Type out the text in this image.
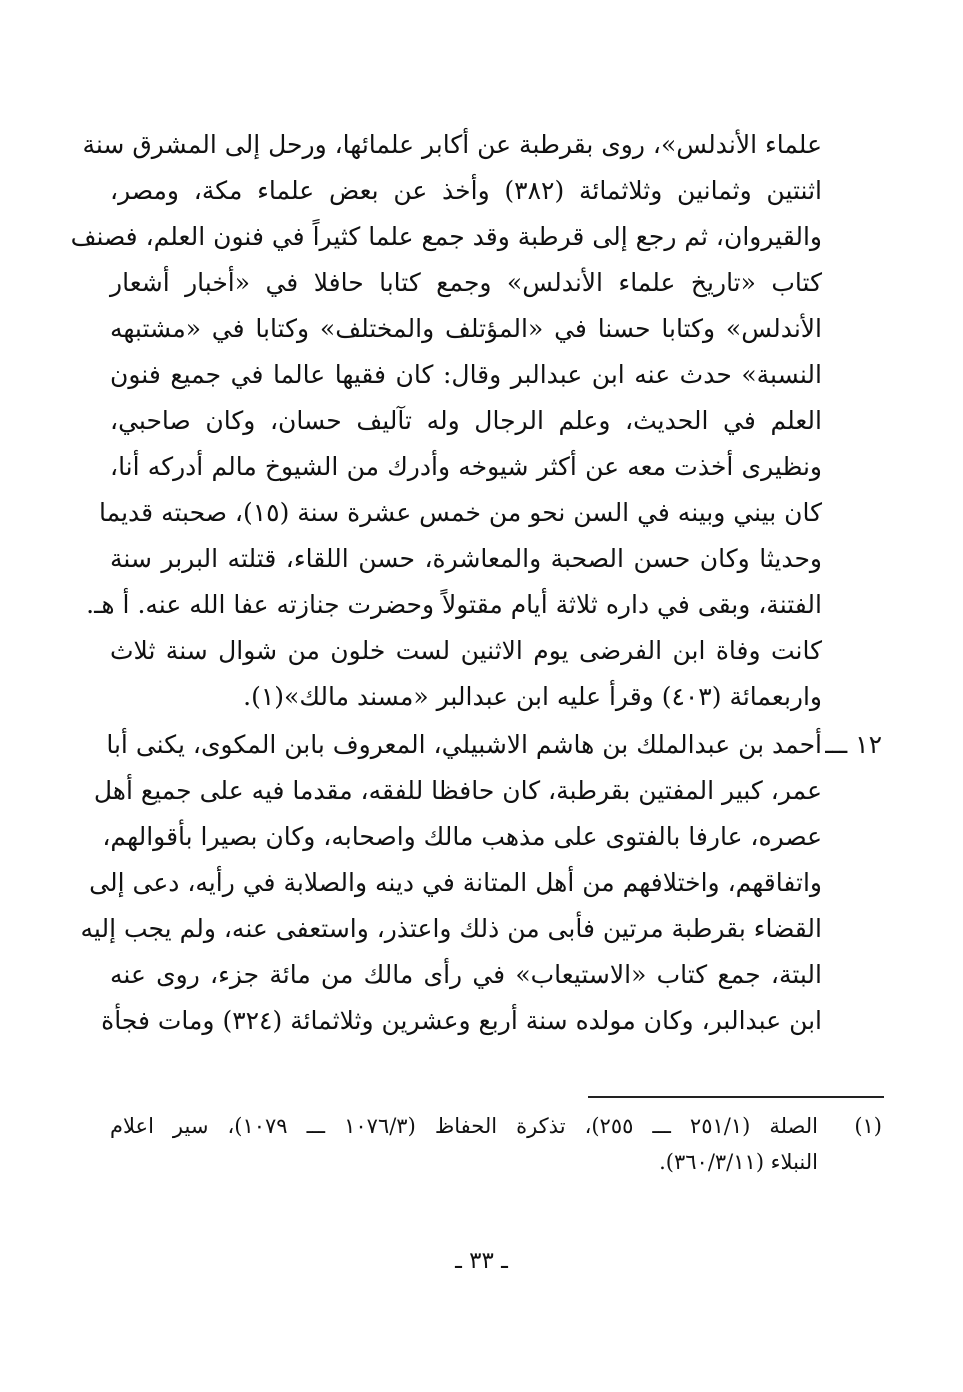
علماء الأندلس»، روى بقرطبة عن أكابر علمائها، ورحل إلى المشرق سنة
اثنتين وثمانين وثلاثمائة (٣٨٢) وأخذ عن بعض علماء مكة، ومصر،
والقيروان، ثم رجع إلى قرطبة وقد جمع علما كثيراً في فنون العلم، فصنف
كتاب «تاريخ علماء الأندلس» وجمع كتابا حافلا في «أخبار أشعار
الأندلس» وكتابا حسنا في «المؤتلف والمختلف» وكتابا في «مشتبهه
النسبة» حدث عنه ابن عبدالبر وقال: كان فقيها عالما في جميع فنون
العلم في الحديث، وعلم الرجال وله تآليف حسان، وكان صاحبي،
ونظيرى أخذت معه عن أكثر شيوخه وأدرك من الشيوخ مالم أدركه أنا،
كان بيني وبينه في السن نحو من خمس عشرة سنة (١٥)، صحبته قديما
وحديثا وكان حسن الصحبة والمعاشرة، حسن اللقاء، قتلته البربر سنة
الفتنة، وبقى في داره ثلاثة أيام مقتولاً وحضرت جنازته عفا الله عنه. أ هـ.
كانت وفاة ابن الفرضى يوم الاثنين لست خلون من شوال سنة ثلاث
واربعمائة (٤٠٣) وقرأ عليه ابن عبدالبر «مسند مالك»(١).
١٢ ـــ
أحمد بن عبدالملك بن هاشم الاشبيلي، المعروف بابن المكوى، يكنى أبا
عمر، كبير المفتين بقرطبة، كان حافظا للفقه، مقدما فيه على جميع أهل
عصره، عارفا بالفتوى على مذهب مالك واصحابه، وكان بصيرا بأقوالهم،
واتفاقهم، واختلافهم من أهل المتانة في دينه والصلابة في رأيه، دعى إلى
القضاء بقرطبة مرتين فأبى من ذلك واعتذر، واستعفى عنه، ولم يجب إليه
البتة، جمع كتاب «الاستيعاب» في رأى مالك من مائة جزء، روى عنه
ابن عبدالبر، وكان مولده سنة أربع وعشرين وثلاثمائة (٣٢٤) ومات فجأة
(١)
الصلة (٢٥١/١ ـــ ٢٥٥)، تذكرة الحفاظ (١٠٧٦/٣ ـــ ١٠٧٩)، سير اعلام
النبلاء (٣٦٠/٣/١١).
ـ ٣٣ ـ
